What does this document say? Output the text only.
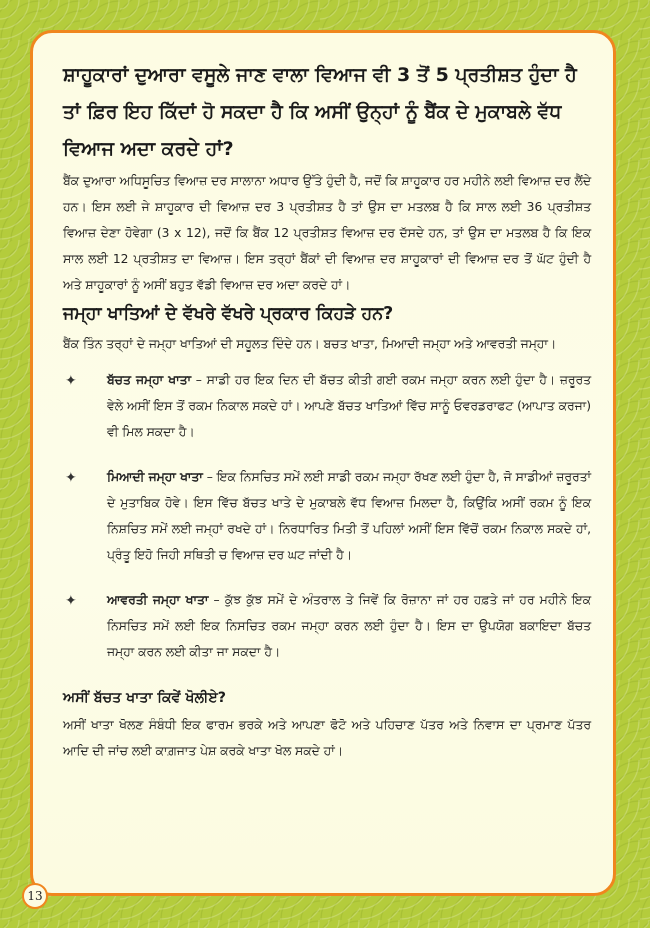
ਸ਼ਾਹੂਕਾਰਾਂ ਦੁਆਰਾ ਵਸੂਲੇ ਜਾਣ ਵਾਲਾ ਵਿਆਜ ਵੀ 3 ਤੋਂ 5 ਪ੍ਰਤੀਸ਼ਤ ਹੁੰਦਾ ਹੈ ਤਾਂ ਫ਼ਿਰ ਇਹ ਕਿੱਦਾਂ ਹੋ ਸਕਦਾ ਹੈ ਕਿ ਅਸੀਂ ਉਨ੍ਹਾਂ ਨੂੰ ਬੈਂਕ ਦੇ ਮੁਕਾਬਲੇ ਵੱਧ ਵਿਆਜ ਅਦਾ ਕਰਦੇ ਹਾਂ?

ਬੈਂਕ ਦੁਆਰਾ ਅਧਿਸੂਚਿਤ ਵਿਆਜ਼ ਦਰ ਸਾਲਾਨਾ ਅਧਾਰ ਉੱਤੇ ਹੁੰਦੀ ਹੈ, ਜਦੋਂ ਕਿ ਸ਼ਾਹੂਕਾਰ ਹਰ ਮਹੀਨੇ ਲਈ ਵਿਆਜ਼ ਦਰ ਲੈਂਦੇ ਹਨ। ਇਸ ਲਈ ਜੇ ਸ਼ਾਹੂਕਾਰ ਦੀ ਵਿਆਜ਼ ਦਰ 3 ਪ੍ਰਤੀਸ਼ਤ ਹੈ ਤਾਂ ਉਸ ਦਾ ਮਤਲਬ ਹੈ ਕਿ ਸਾਲ ਲਈ 36 ਪ੍ਰਤੀਸ਼ਤ ਵਿਆਜ਼ ਦੇਣਾ ਹੋਵੇਗਾ (3 x 12), ਜਦੋਂ ਕਿ ਬੈਂਕ 12 ਪ੍ਰਤੀਸ਼ਤ ਵਿਆਜ਼ ਦਰ ਦੱਸਦੇ ਹਨ, ਤਾਂ ਉਸ ਦਾ ਮਤਲਬ ਹੈ ਕਿ ਇਕ ਸਾਲ ਲਈ 12 ਪ੍ਰਤੀਸ਼ਤ ਦਾ ਵਿਆਜ਼। ਇਸ ਤਰ੍ਹਾਂ ਬੈਂਕਾਂ ਦੀ ਵਿਆਜ਼ ਦਰ ਸ਼ਾਹੂਕਾਰਾਂ ਦੀ ਵਿਆਜ਼ ਦਰ ਤੋਂ ਘੱਟ ਹੁੰਦੀ ਹੈ ਅਤੇ ਸ਼ਾਹੂਕਾਰਾਂ ਨੂੰ ਅਸੀਂ ਬਹੁਤ ਵੱਡੀ ਵਿਆਜ਼ ਦਰ ਅਦਾ ਕਰਦੇ ਹਾਂ।

ਜਮ੍ਹਾ ਖਾਤਿਆਂ ਦੇ ਵੱਖਰੇ ਵੱਖਰੇ ਪ੍ਰਕਾਰ ਕਿਹੜੇ ਹਨ?

ਬੈਂਕ ਤਿੰਨ ਤਰ੍ਹਾਂ ਦੇ ਜਮ੍ਹਾ ਖਾਤਿਆਂ ਦੀ ਸਹੂਲਤ ਦਿੰਦੇ ਹਨ। ਬਚਤ ਖਾਤਾ, ਮਿਆਦੀ ਜਮ੍ਹਾ ਅਤੇ ਆਵਰਤੀ ਜਮ੍ਹਾ।

✦ ਬੱਚਤ ਜਮ੍ਹਾ ਖਾਤਾ – ਸਾਡੀ ਹਰ ਇਕ ਦਿਨ ਦੀ ਬੱਚਤ ਕੀਤੀ ਗਈ ਰਕਮ ਜਮ੍ਹਾ ਕਰਨ ਲਈ ਹੁੰਦਾ ਹੈ। ਜ਼ਰੂਰਤ ਵੇਲੇ ਅਸੀਂ ਇਸ ਤੋਂ ਰਕਮ ਨਿਕਾਲ ਸਕਦੇ ਹਾਂ। ਆਪਣੇ ਬੱਚਤ ਖਾਤਿਆਂ ਵਿੱਚ ਸਾਨੂੰ ਓਵਰਡਰਾਫਟ (ਆਪਾਤ ਕਰਜਾ) ਵੀ ਮਿਲ ਸਕਦਾ ਹੈ।

✦ ਮਿਆਦੀ ਜਮ੍ਹਾ ਖਾਤਾ – ਇਕ ਨਿਸਚਿਤ ਸਮੇਂ ਲਈ ਸਾਡੀ ਰਕਮ ਜਮ੍ਹਾ ਰੱਖਣ ਲਈ ਹੁੰਦਾ ਹੈ, ਜੋ ਸਾਡੀਆਂ ਜ਼ਰੂਰਤਾਂ ਦੇ ਮੁਤਾਬਿਕ ਹੋਵੇ। ਇਸ ਵਿੱਚ ਬੱਚਤ ਖਾਤੇ ਦੇ ਮੁਕਾਬਲੇ ਵੱਧ ਵਿਆਜ਼ ਮਿਲਦਾ ਹੈ, ਕਿਉਂਕਿ ਅਸੀਂ ਰਕਮ ਨੂੰ ਇਕ ਨਿਸ਼ਚਿਤ ਸਮੇਂ ਲਈ ਜਮ੍ਹਾਂ ਰਖਦੇ ਹਾਂ। ਨਿਰਧਾਰਿਤ ਮਿਤੀ ਤੋਂ ਪਹਿਲਾਂ ਅਸੀਂ ਇਸ ਵਿੱਚੋਂ ਰਕਮ ਨਿਕਾਲ ਸਕਦੇ ਹਾਂ, ਪ੍ਰੰਤੂ ਇਹੋ ਜਿਹੀ ਸਥਿਤੀ ਚ ਵਿਆਜ਼ ਦਰ ਘਟ ਜਾਂਦੀ ਹੈ।

✦ ਆਵਰਤੀ ਜਮ੍ਹਾ ਖਾਤਾ – ਕੁੱਝ ਕੁੱਝ ਸਮੇਂ ਦੇ ਅੰਤਰਾਲ ਤੇ ਜਿਵੇਂ ਕਿ ਰੋਜ਼ਾਨਾ ਜਾਂ ਹਰ ਹਫ਼ਤੇ ਜਾਂ ਹਰ ਮਹੀਨੇ ਇਕ ਨਿਸਚਿਤ ਸਮੇਂ ਲਈ ਇਕ ਨਿਸਚਿਤ ਰਕਮ ਜਮ੍ਹਾ ਕਰਨ ਲਈ ਹੁੰਦਾ ਹੈ। ਇਸ ਦਾ ਉਪਯੋਗ ਬਕਾਇਦਾ ਬੱਚਤ ਜਮ੍ਹਾ ਕਰਨ ਲਈ ਕੀਤਾ ਜਾ ਸਕਦਾ ਹੈ।

ਅਸੀਂ ਬੱਚਤ ਖਾਤਾ ਕਿਵੇਂ ਖੋਲੀਏ?

ਅਸੀਂ ਖਾਤਾ ਖੋਲਣ ਸੰਬੰਧੀ ਇਕ ਫਾਰਮ ਭਰਕੇ ਅਤੇ ਆਪਣਾ ਫੋਟੋ ਅਤੇ ਪਹਿਚਾਣ ਪੱਤਰ ਅਤੇ ਨਿਵਾਸ ਦਾ ਪ੍ਰਮਾਣ ਪੱਤਰ ਆਦਿ ਦੀ ਜਾਂਚ ਲਈ ਕਾਗ਼ਜਾਤ ਪੇਸ਼ ਕਰਕੇ ਖਾਤਾ ਖੋਲ ਸਕਦੇ ਹਾਂ।

13
